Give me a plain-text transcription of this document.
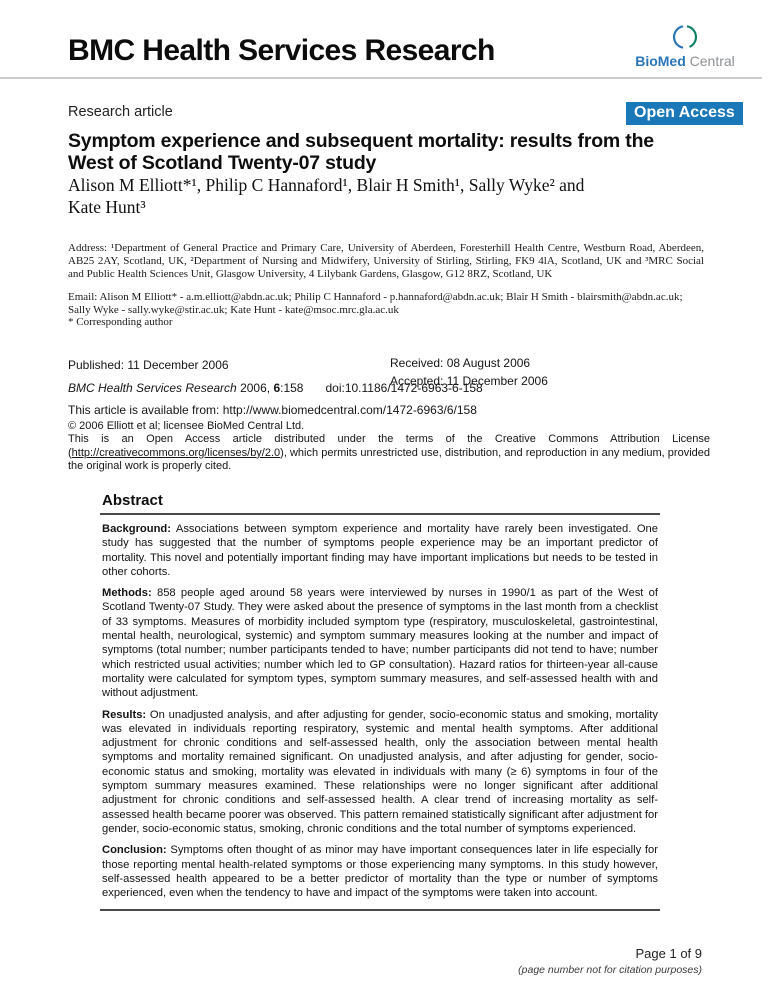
BMC Health Services Research	BioMed Central
Research article	Open Access
Symptom experience and subsequent mortality: results from the
West of Scotland Twenty-07 study
Alison M Elliott*¹, Philip C Hannaford¹, Blair H Smith¹, Sally Wyke² and
Kate Hunt³
Address: ¹Department of General Practice and Primary Care, University of Aberdeen, Foresterhill Health Centre, Westburn Road, Aberdeen, AB25 2AY, Scotland, UK, ²Department of Nursing and Midwifery, University of Stirling, Stirling, FK9 4lA, Scotland, UK and ³MRC Social and Public Health Sciences Unit, Glasgow University, 4 Lilybank Gardens, Glasgow, G12 8RZ, Scotland, UK
Email: Alison M Elliott* - a.m.elliott@abdn.ac.uk; Philip C Hannaford - p.hannaford@abdn.ac.uk; Blair H Smith - blairsmith@abdn.ac.uk;
Sally Wyke - sally.wyke@stir.ac.uk; Kate Hunt - kate@msoc.mrc.gla.ac.uk
* Corresponding author
Published: 11 December 2006	Received: 08 August 2006
Accepted: 11 December 2006
BMC Health Services Research 2006, 6:158 doi:10.1186/1472-6963-6-158
This article is available from: http://www.biomedcentral.com/1472-6963/6/158
© 2006 Elliott et al; licensee BioMed Central Ltd.
This is an Open Access article distributed under the terms of the Creative Commons Attribution License (http://creativecommons.org/licenses/by/2.0), which permits unrestricted use, distribution, and reproduction in any medium, provided the original work is properly cited.
Abstract

Background: Associations between symptom experience and mortality have rarely been investigated. One study has suggested that the number of symptoms people experience may be an important predictor of mortality. This novel and potentially important finding may have important implications but needs to be tested in other cohorts.

Methods: 858 people aged around 58 years were interviewed by nurses in 1990/1 as part of the West of Scotland Twenty-07 Study. They were asked about the presence of symptoms in the last month from a checklist of 33 symptoms. Measures of morbidity included symptom type (respiratory, musculoskeletal, gastrointestinal, mental health, neurological, systemic) and symptom summary measures looking at the number and impact of symptoms (total number; number participants tended to have; number participants did not tend to have; number which restricted usual activities; number which led to GP consultation). Hazard ratios for thirteen-year all-cause mortality were calculated for symptom types, symptom summary measures, and self-assessed health with and without adjustment.

Results: On unadjusted analysis, and after adjusting for gender, socio-economic status and smoking, mortality was elevated in individuals reporting respiratory, systemic and mental health symptoms. After additional adjustment for chronic conditions and self-assessed health, only the association between mental health symptoms and mortality remained significant. On unadjusted analysis, and after adjusting for gender, socio-economic status and smoking, mortality was elevated in individuals with many (≥ 6) symptoms in four of the symptom summary measures examined. These relationships were no longer significant after additional adjustment for chronic conditions and self-assessed health. A clear trend of increasing mortality as self-assessed health became poorer was observed. This pattern remained statistically significant after adjustment for gender, socio-economic status, smoking, chronic conditions and the total number of symptoms experienced.

Conclusion: Symptoms often thought of as minor may have important consequences later in life especially for those reporting mental health-related symptoms or those experiencing many symptoms. In this study however, self-assessed health appeared to be a better predictor of mortality than the type or number of symptoms experienced, even when the tendency to have and impact of the symptoms were taken into account.

Page 1 of 9
(page number not for citation purposes)
